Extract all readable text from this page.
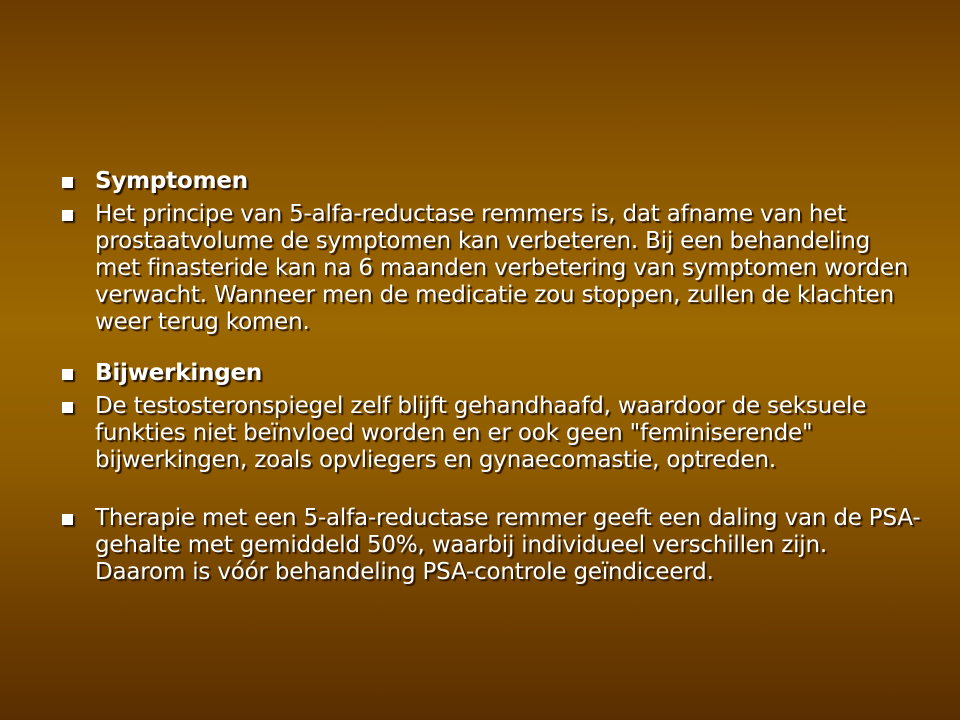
Symptomen
Het principe van 5-alfa-reductase remmers is, dat afname van het prostaatvolume de symptomen kan verbeteren. Bij een behandeling met finasteride kan na 6 maanden verbetering van symptomen worden verwacht. Wanneer men de medicatie zou stoppen, zullen de klachten weer terug komen.
Bijwerkingen
De testosteronspiegel zelf blijft gehandhaafd, waardoor de seksuele funkties niet beïnvloed worden en er ook geen "feminiserende" bijwerkingen, zoals opvliegers en gynaecomastie, optreden.
Therapie met een 5-alfa-reductase remmer geeft een daling van de PSA-gehalte met gemiddeld 50%, waarbij individueel verschillen zijn. Daarom is vóór behandeling PSA-controle geïndiceerd.
